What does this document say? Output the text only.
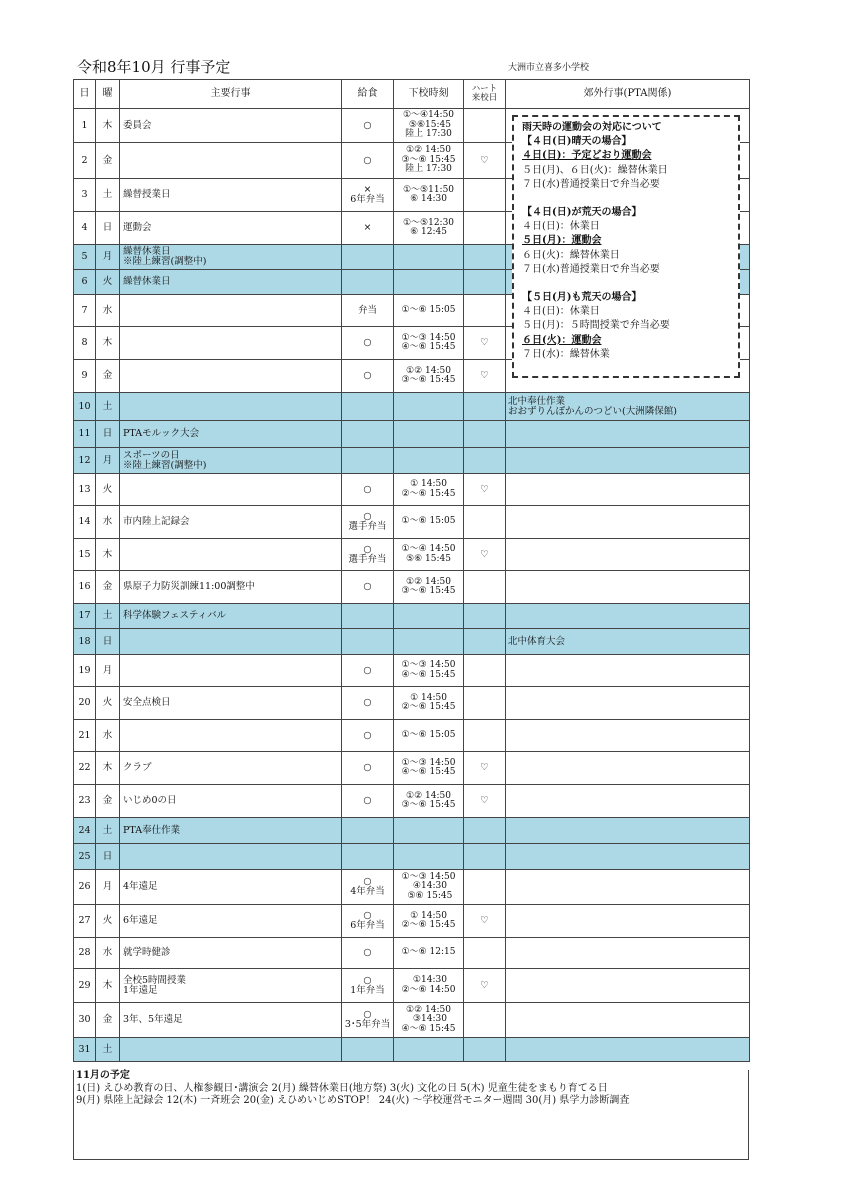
令和8年10月 行事予定	大洲市立喜多小学校
日	曜	主要行事	給食	下校時刻	ハート
来校日	郊外行事(PTA関係)
1	木	委員会	○	①～④14:50
⑤⑥15:45
陸上 17:30		
2	金		○	①② 14:50
③～⑥ 15:45
陸上 17:30	♡	
3	土	繰替授業日	×
6年弁当	①～⑤11:50
⑥ 14:30		
4	日	運動会	×	①～⑤12:30
⑥ 12:45		
5	月	繰替休業日
※陸上練習(調整中)				
6	火	繰替休業日				
7	水		弁当	①～⑥ 15:05		
8	木		○	①～③ 14:50
④～⑥ 15:45	♡	
9	金		○	①② 14:50
③～⑥ 15:45	♡	
10	土					北中奉仕作業
おおずりんぽかんのつどい(大洲隣保館)
11	日	PTAモルック大会				
12	月	スポーツの日
※陸上練習(調整中)				
13	火		○	① 14:50
②～⑥ 15:45	♡	
14	水	市内陸上記録会	○
選手弁当	①～⑥ 15:05		
15	木		○
選手弁当	①～④ 14:50
⑤⑥ 15:45	♡	
16	金	県原子力防災訓練11:00調整中	○	①② 14:50
③～⑥ 15:45		
17	土	科学体験フェスティバル				
18	日					北中体育大会
19	月		○	①～③ 14:50
④～⑥ 15:45		
20	火	安全点検日	○	① 14:50
②～⑥ 15:45		
21	水		○	①～⑥ 15:05		
22	木	クラブ	○	①～③ 14:50
④～⑥ 15:45	♡	
23	金	いじめ0の日	○	①② 14:50
③～⑥ 15:45	♡	
24	土	PTA奉仕作業				
25	日					
26	月	4年遠足	○
4年弁当	①～③ 14:50
④14:30
⑤⑥ 15:45		
27	火	6年遠足	○
6年弁当	① 14:50
②～⑥ 15:45	♡	
28	水	就学時健診	○	①～⑥ 12:15		
29	木	全校5時間授業
1年遠足	○
1年弁当	①14:30
②～⑥ 14:50	♡	
30	金	3年、5年遠足	○
3･5年弁当	①② 14:50
③14:30
④～⑥ 15:45		
31	土					
雨天時の運動会の対応について
【４日(日)晴天の場合】
４日(日)：予定どおり運動会
５日(月)、６日(火)：繰替休業日
７日(水)普通授業日で弁当必要
【４日(日)が荒天の場合】
４日(日)：休業日
５日(月)：運動会
６日(火)：繰替休業日
７日(水)普通授業日で弁当必要
【５日(月)も荒天の場合】
４日(日)：休業日
５日(月)：５時間授業で弁当必要
６日(火)：運動会
７日(水)：繰替休業
11月の予定
1(日) えひめ教育の日、人権参観日･講演会 2(月) 繰替休業日(地方祭) 3(火) 文化の日 5(木) 児童生徒をまもり育てる日
9(月) 県陸上記録会 12(木) 一斉班会 20(金) えひめいじめSTOP！ 24(火) ～学校運営モニター週間 30(月) 県学力診断調査
